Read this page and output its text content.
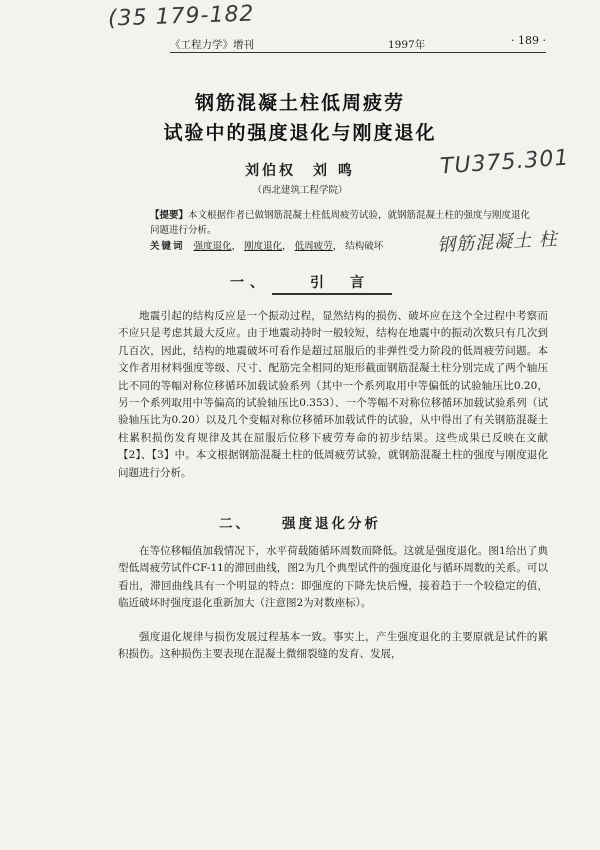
(35 179-182
《工程力学》增刊	1997年	· 189 ·
钢筋混凝土柱低周疲劳
试验中的强度退化与刚度退化
刘伯权　刘 鸣	TU375.301
（西北建筑工程学院）
【提要】本文根据作者已做钢筋混凝土柱低周疲劳试验，就钢筋混凝土柱的强度与刚度退化问题进行分析。
关键词 强度退化， 刚度退化， 低周疲劳， 结构破坏	钢筋混凝土 柱
一、	引　言
地震引起的结构反应是一个振动过程，显然结构的损伤、破坏应在这个全过程中考察而不应只是考虑其最大反应。由于地震动持时一般较短，结构在地震中的振动次数只有几次到几百次，因此，结构的地震破坏可看作是超过屈服后的非弹性受力阶段的低周疲劳问题。本文作者用材料强度等级、尺寸、配筋完全相同的矩形截面钢筋混凝土柱分别完成了两个轴压比不同的等幅对称位移循环加载试验系列（其中一个系列取用中等偏低的试验轴压比0.20，另一个系列取用中等偏高的试验轴压比0.353）、一个等幅不对称位移循环加载试验系列（试验轴压比为0.20）以及几个变幅对称位移循环加载试件的试验，从中得出了有关钢筋混凝土柱累积损伤发育规律及其在屈服后位移下疲劳寿命的初步结果。这些成果已反映在文献【2】、【3】中。本文根据钢筋混凝土柱的低周疲劳试验，就钢筋混凝土柱的强度与刚度退化问题进行分析。
二、 强度退化分析
在等位移幅值加载情况下，水平荷载随循环周数而降低。这就是强度退化。图1给出了典型低周疲劳试件CF-11的滞回曲线，图2为几个典型试件的强度退化与循环周数的关系。可以看出，滞回曲线具有一个明显的特点：即强度的下降先快后慢，接着趋于一个较稳定的值，临近破坏时强度退化重新加大（注意图2为对数座标）。
强度退化规律与损伤发展过程基本一致。事实上，产生强度退化的主要原就是试件的累积损伤。这种损伤主要表现在混凝土微细裂缝的发育、发展，
